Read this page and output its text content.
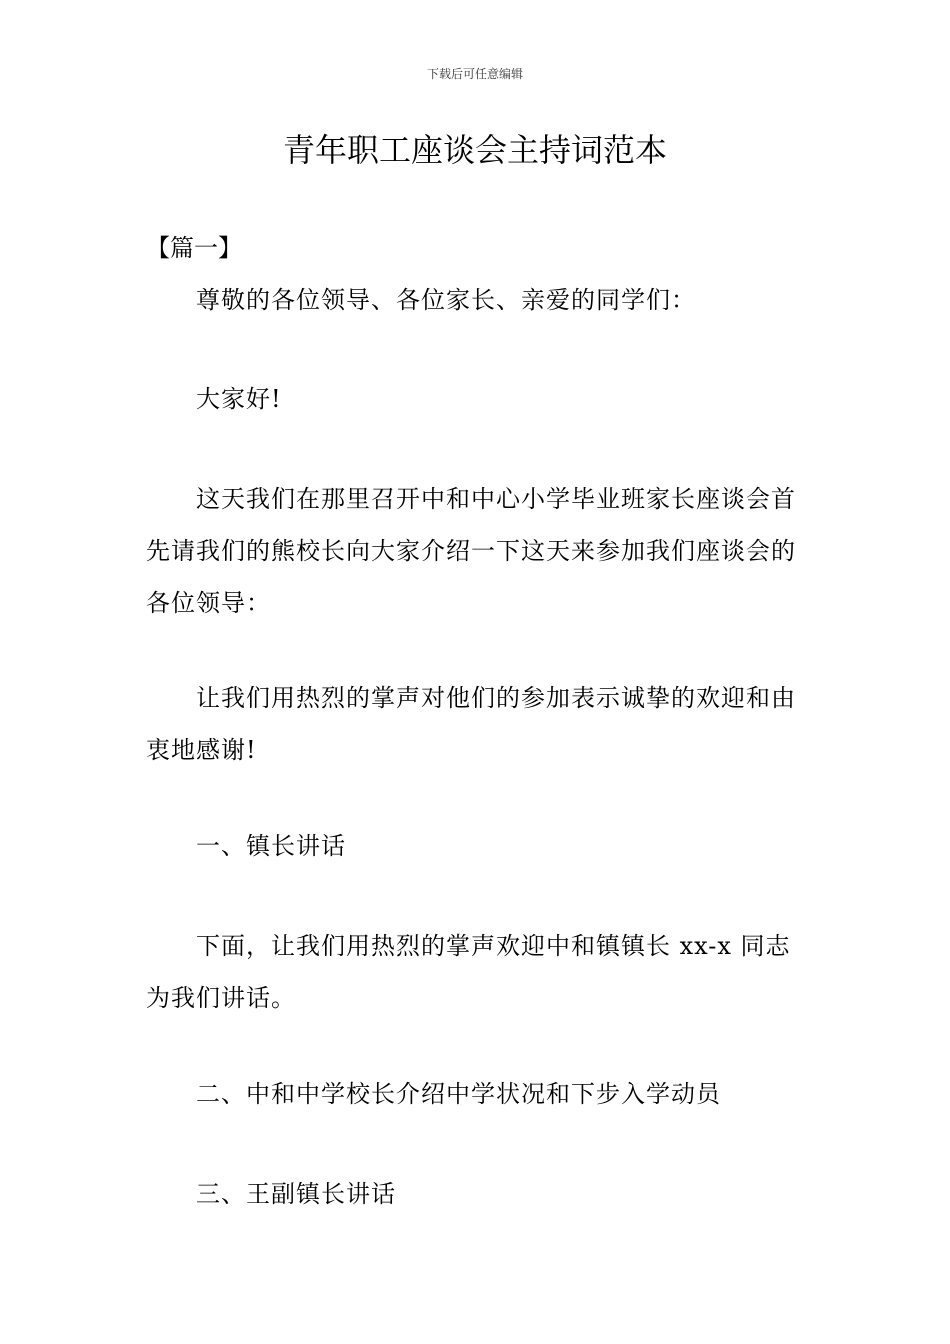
下载后可任意编辑
青年职工座谈会主持词范本

【篇一】

尊敬的各位领导、各位家长、亲爱的同学们：

大家好!

这天我们在那里召开中和中心小学毕业班家长座谈会首先请我们的熊校长向大家介绍一下这天来参加我们座谈会的各位领导：

让我们用热烈的掌声对他们的参加表示诚挚的欢迎和由衷地感谢!

一、镇长讲话

下面，让我们用热烈的掌声欢迎中和镇镇长 xx-x 同志为我们讲话。

二、中和中学校长介绍中学状况和下步入学动员

三、王副镇长讲话
